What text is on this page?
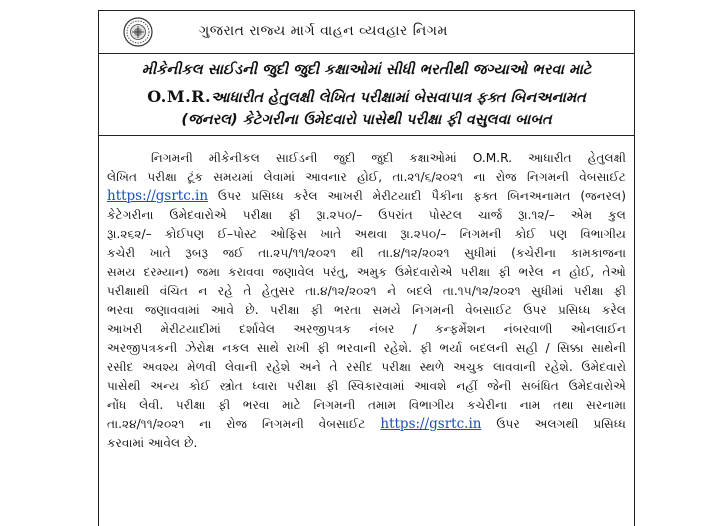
ગુજરાત રાજ્ય માર્ગ વાહન વ્યવહાર નિગમ
મીકેનીકલ સાઈડની જુદી જુદી કક્ષાઓમાં સીધી ભરતીથી જગ્યાઓ ભરવા માટે
O.M.R.આધારીત હેતુલક્ષી લેખિત પરીક્ષામાં બેસવાપાત્ર ફક્ત બિનઅનામત
(જનરલ) કેટેગરીના ઉમેદવારો પાસેથી પરીક્ષા ફી વસુલવા બાબત
નિગમની મીકેનીકલ સાઈડની જુદી જુદી કક્ષાઓમાં O.M.R. આધારીત હેતુલક્ષી
લેખિત પરીક્ષા ટૂંક સમયમાં લેવામાં આવનાર હોઈ, તા.૨૧/૬/૨૦૨૧ ના રોજ નિગમની વેબસાઈટ
https://gsrtc.in ઉપર પ્રસિધ્ધ કરેલ આખરી મેરીટયાદી પૈકીના ફક્ત બિનઅનામત (જનરલ)
કેટેગરીના ઉમેદવારોએ પરીક્ષા ફી રૂા.૨૫૦/– ઉપરાંત પોસ્ટલ ચાર્જ રૂા.૧૨/– એમ કુલ
રૂા.૨૬૨/– કોઈપણ ઈ–પોસ્ટ ઓફિસ ખાતે અથવા રૂા.૨૫૦/– નિગમની કોઈ પણ વિભાગીય
કચેરી ખાતે રૂબરૂ જઈ તા.૨૫/૧૧/૨૦૨૧ થી તા.૪/૧૨/૨૦૨૧ સુધીમાં (કચેરીના કામકાજના
સમય દરમ્યાન) જમા કરાવવા જણાવેલ પરંતુ, અમુક ઉમેદવારોએ પરીક્ષા ફી ભરેલ ન હોઈ, તેઓ
પરીક્ષાથી વંચિત ન રહે તે હેતુસર તા.૪/૧૨/૨૦૨૧ ને બદલે તા.૧૫/૧૨/૨૦૨૧ સુધીમાં પરીક્ષા ફી
ભરવા જણાવવામાં આવે છે. પરીક્ષા ફી ભરતા સમયે નિગમની વેબસાઈટ ઉપર પ્રસિધ્ધ કરેલ
આખરી મેરીટયાદીમાં દર્શાવેલ અરજીપત્રક નંબર / કન્ફર્મેશન નંબરવાળી ઓનલાઈન
અરજીપત્રકની ઝેરોક્ષ નકલ સાથે રાખી ફી ભરવાની રહેશે. ફી ભર્યા બદલની સહી / સિક્કા સાથેની
રસીદ અવશ્ય મેળવી લેવાની રહેશે અને તે રસીદ પરીક્ષા સ્થળે અચુક લાવવાની રહેશે. ઉમેદવારો
પાસેથી અન્ય કોઈ સ્ત્રોત ધ્વારા પરીક્ષા ફી સ્વિકારવામાં આવશે નહીં જેની સબંધિત ઉમેદવારોએ
નોંધ લેવી. પરીક્ષા ફી ભરવા માટે નિગમની તમામ વિભાગીય કચેરીના નામ તથા સરનામા
તા.૨૪/૧૧/૨૦૨૧ ના રોજ નિગમની વેબસાઈટ https://gsrtc.in ઉપર અલગથી પ્રસિધ્ધ
કરવામાં આવેલ છે.
